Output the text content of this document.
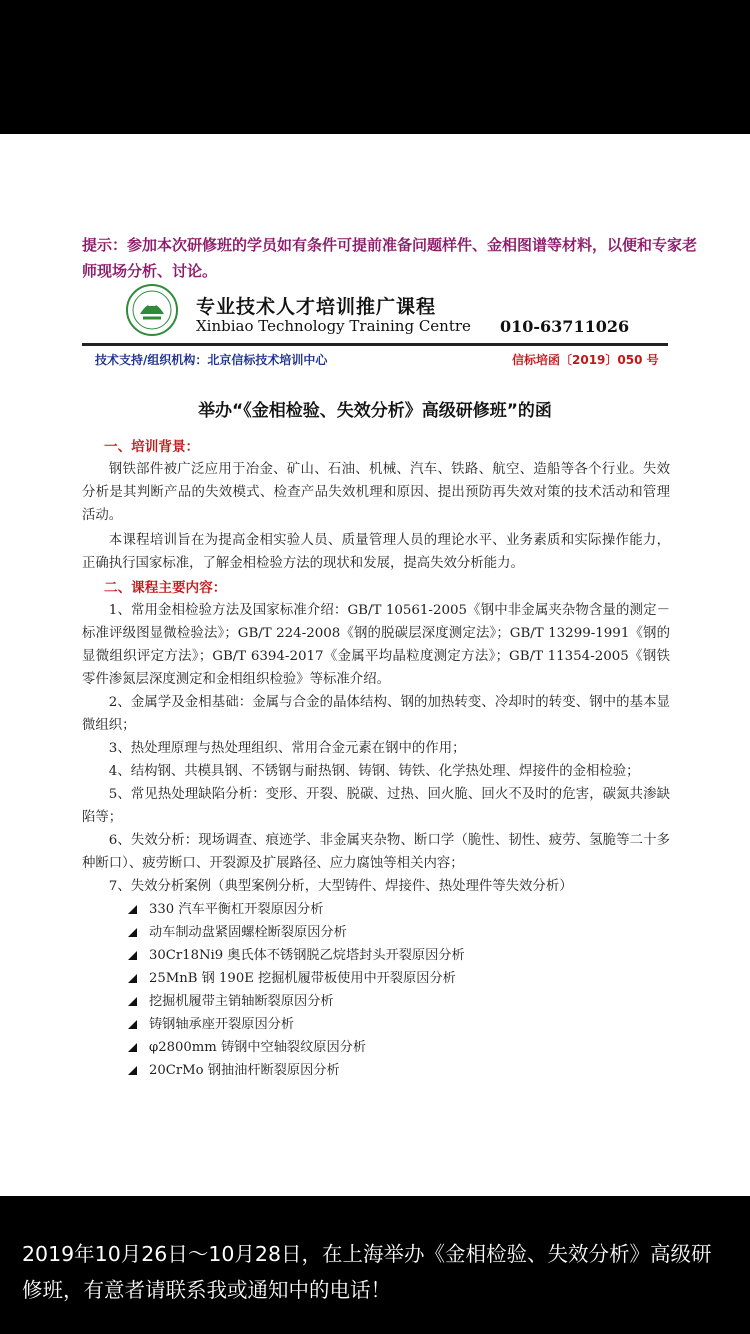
提示：参加本次研修班的学员如有条件可提前准备问题样件、金相图谱等材料，以便和专家老师现场分析、讨论。
专业技术人才培训推广课程
Xinbiao Technology Training Centre 010-63711026
技术支持/组织机构：北京信标技术培训中心	信标培函〔2019〕050 号
举办“《金相检验、失效分析》高级研修班”的函
一、培训背景：

钢铁部件被广泛应用于冶金、矿山、石油、机械、汽车、铁路、航空、造船等各个行业。失效分析是其判断产品的失效模式、检查产品失效机理和原因、提出预防再失效对策的技术活动和管理活动。

本课程培训旨在为提高金相实验人员、质量管理人员的理论水平、业务素质和实际操作能力，正确执行国家标准，了解金相检验方法的现状和发展，提高失效分析能力。

二、课程主要内容：

1、常用金相检验方法及国家标准介绍：GB/T 10561-2005《钢中非金属夹杂物含量的测定－标准评级图显微检验法》；GB/T 224-2008《钢的脱碳层深度测定法》；GB/T 13299-1991《钢的显微组织评定方法》；GB/T 6394-2017《金属平均晶粒度测定方法》；GB/T 11354-2005《钢铁零件渗氮层深度测定和金相组织检验》等标准介绍。

2、金属学及金相基础：金属与合金的晶体结构、钢的加热转变、冷却时的转变、钢中的基本显微组织；

3、热处理原理与热处理组织、常用合金元素在钢中的作用；

4、结构钢、共模具钢、不锈钢与耐热钢、铸钢、铸铁、化学热处理、焊接件的金相检验；

5、常见热处理缺陷分析：变形、开裂、脱碳、过热、回火脆、回火不及时的危害，碳氮共渗缺陷等；

6、失效分析：现场调查、痕迹学、非金属夹杂物、断口学（脆性、韧性、疲劳、氢脆等二十多种断口）、疲劳断口、开裂源及扩展路径、应力腐蚀等相关内容；

7、失效分析案例（典型案例分析，大型铸件、焊接件、热处理件等失效分析）

330 汽车平衡杠开裂原因分析
动车制动盘紧固螺栓断裂原因分析
30Cr18Ni9 奥氏体不锈钢脱乙烷塔封头开裂原因分析
25MnB 钢 190E 挖掘机履带板使用中开裂原因分析
挖掘机履带主销轴断裂原因分析
铸钢轴承座开裂原因分析
φ2800mm 铸钢中空轴裂纹原因分析
20CrMo 钢抽油杆断裂原因分析
2019年10月26日～10月28日，在上海举办《金相检验、失效分析》高级研修班，有意者请联系我或通知中的电话！
